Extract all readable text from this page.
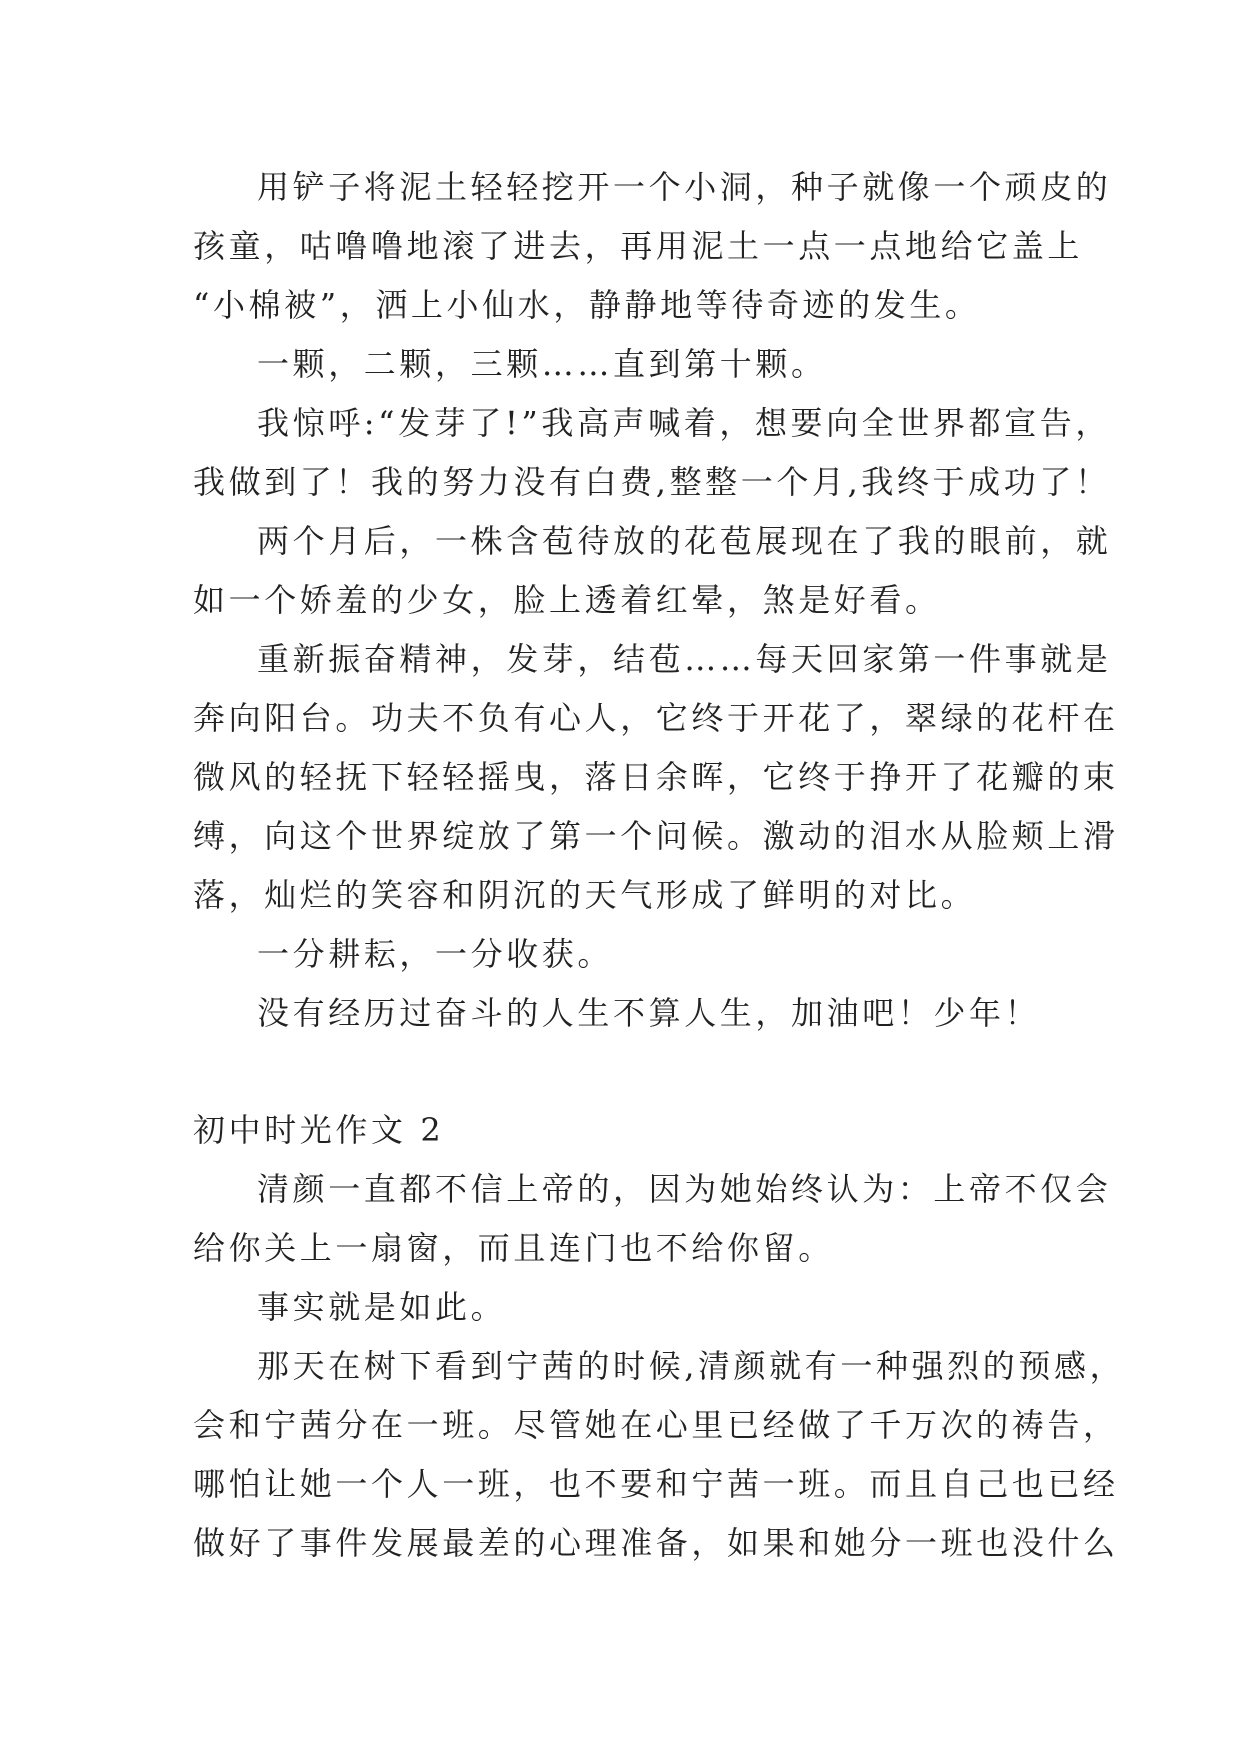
用铲子将泥土轻轻挖开一个小洞，种子就像一个顽皮的
孩童，咕噜噜地滚了进去，再用泥土一点一点地给它盖上
“小棉被”，洒上小仙水，静静地等待奇迹的发生。
一颗，二颗，三颗……直到第十颗。
我惊呼:“发芽了!”我高声喊着，想要向全世界都宣告，
我做到了！我的努力没有白费,整整一个月,我终于成功了！
两个月后，一株含苞待放的花苞展现在了我的眼前，就
如一个娇羞的少女，脸上透着红晕，煞是好看。
重新振奋精神，发芽，结苞……每天回家第一件事就是
奔向阳台。功夫不负有心人，它终于开花了，翠绿的花杆在
微风的轻抚下轻轻摇曳，落日余晖，它终于挣开了花瓣的束
缚，向这个世界绽放了第一个问候。激动的泪水从脸颊上滑
落，灿烂的笑容和阴沉的天气形成了鲜明的对比。
一分耕耘，一分收获。
没有经历过奋斗的人生不算人生，加油吧！少年！
初中时光作文 2
清颜一直都不信上帝的，因为她始终认为：上帝不仅会
给你关上一扇窗，而且连门也不给你留。
事实就是如此。
那天在树下看到宁茜的时候,清颜就有一种强烈的预感，
会和宁茜分在一班。尽管她在心里已经做了千万次的祷告，
哪怕让她一个人一班，也不要和宁茜一班。而且自己也已经
做好了事件发展最差的心理准备，如果和她分一班也没什么
